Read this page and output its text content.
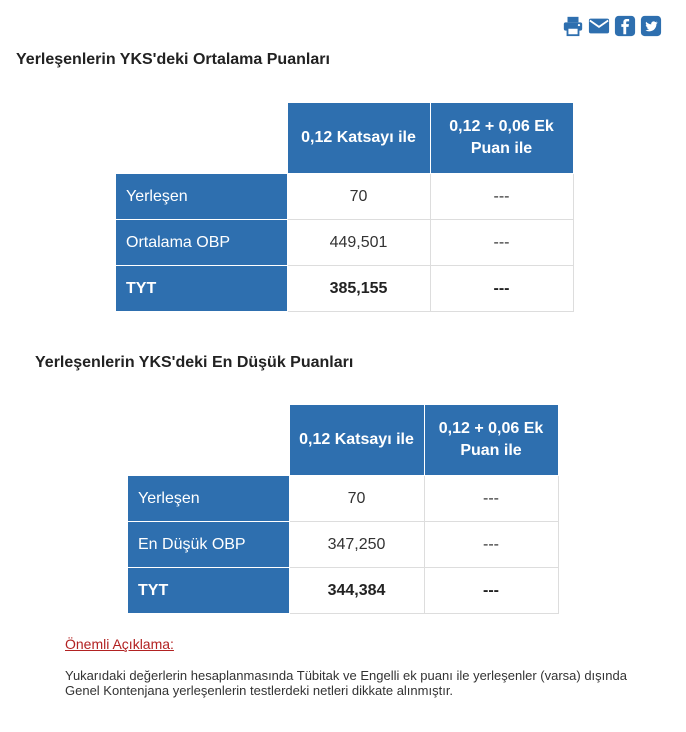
Yerleşenlerin YKS'deki Ortalama Puanları
	0,12 Katsayı ile	0,12 + 0,06 Ek Puan ile
Yerleşen	70	---
Ortalama OBP	449,501	---
TYT	385,155	---
Yerleşenlerin YKS'deki En Düşük Puanları
	0,12 Katsayı ile	0,12 + 0,06 Ek Puan ile
Yerleşen	70	---
En Düşük OBP	347,250	---
TYT	344,384	---
Önemli Açıklama:

Yukarıdaki değerlerin hesaplanmasında Tübitak ve Engelli ek puanı ile yerleşenler (varsa) dışında Genel Kontenjana yerleşenlerin testlerdeki netleri dikkate alınmıştır.
